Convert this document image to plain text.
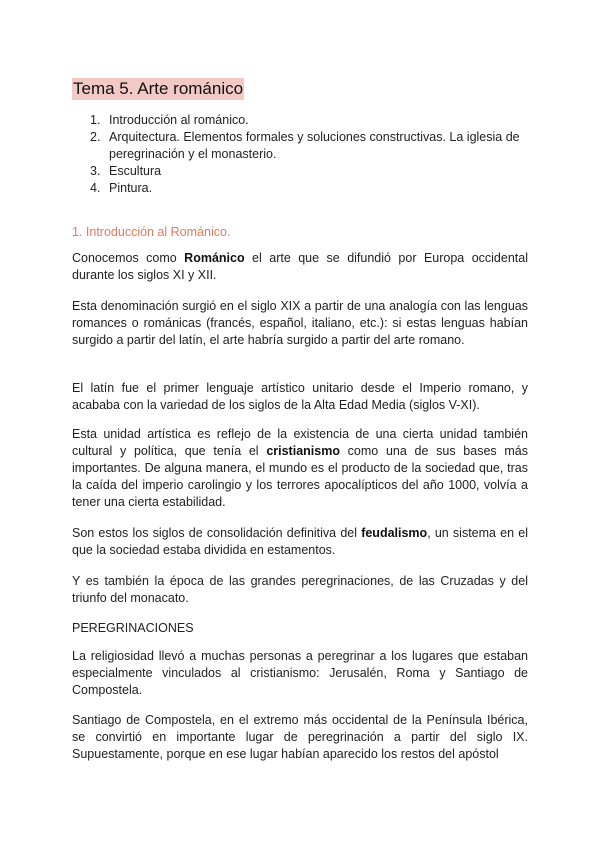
Tema 5. Arte románico
1. Introducción al románico.
2. Arquitectura. Elementos formales y soluciones constructivas. La iglesia de peregrinación y el monasterio.
3. Escultura
4. Pintura.
1. Introducción al Románico.

Conocemos como Románico el arte que se difundió por Europa occidental durante los siglos XI y XII.

Esta denominación surgió en el siglo XIX a partir de una analogía con las lenguas romances o románicas (francés, español, italiano, etc.): si estas lenguas habían surgido a partir del latín, el arte habría surgido a partir del arte romano.

El latín fue el primer lenguaje artístico unitario desde el Imperio romano, y acababa con la variedad de los siglos de la Alta Edad Media (siglos V-XI).

Esta unidad artística es reflejo de la existencia de una cierta unidad también cultural y política, que tenía el cristianismo como una de sus bases más importantes. De alguna manera, el mundo es el producto de la sociedad que, tras la caída del imperio carolingio y los terrores apocalípticos del año 1000, volvía a tener una cierta estabilidad.

Son estos los siglos de consolidación definitiva del feudalismo, un sistema en el que la sociedad estaba dividida en estamentos.

Y es también la época de las grandes peregrinaciones, de las Cruzadas y del triunfo del monacato.

PEREGRINACIONES

La religiosidad llevó a muchas personas a peregrinar a los lugares que estaban especialmente vinculados al cristianismo: Jerusalén, Roma y Santiago de Compostela.

Santiago de Compostela, en el extremo más occidental de la Península Ibérica, se convirtió en importante lugar de peregrinación a partir del siglo IX. Supuestamente, porque en ese lugar habían aparecido los restos del apóstol
